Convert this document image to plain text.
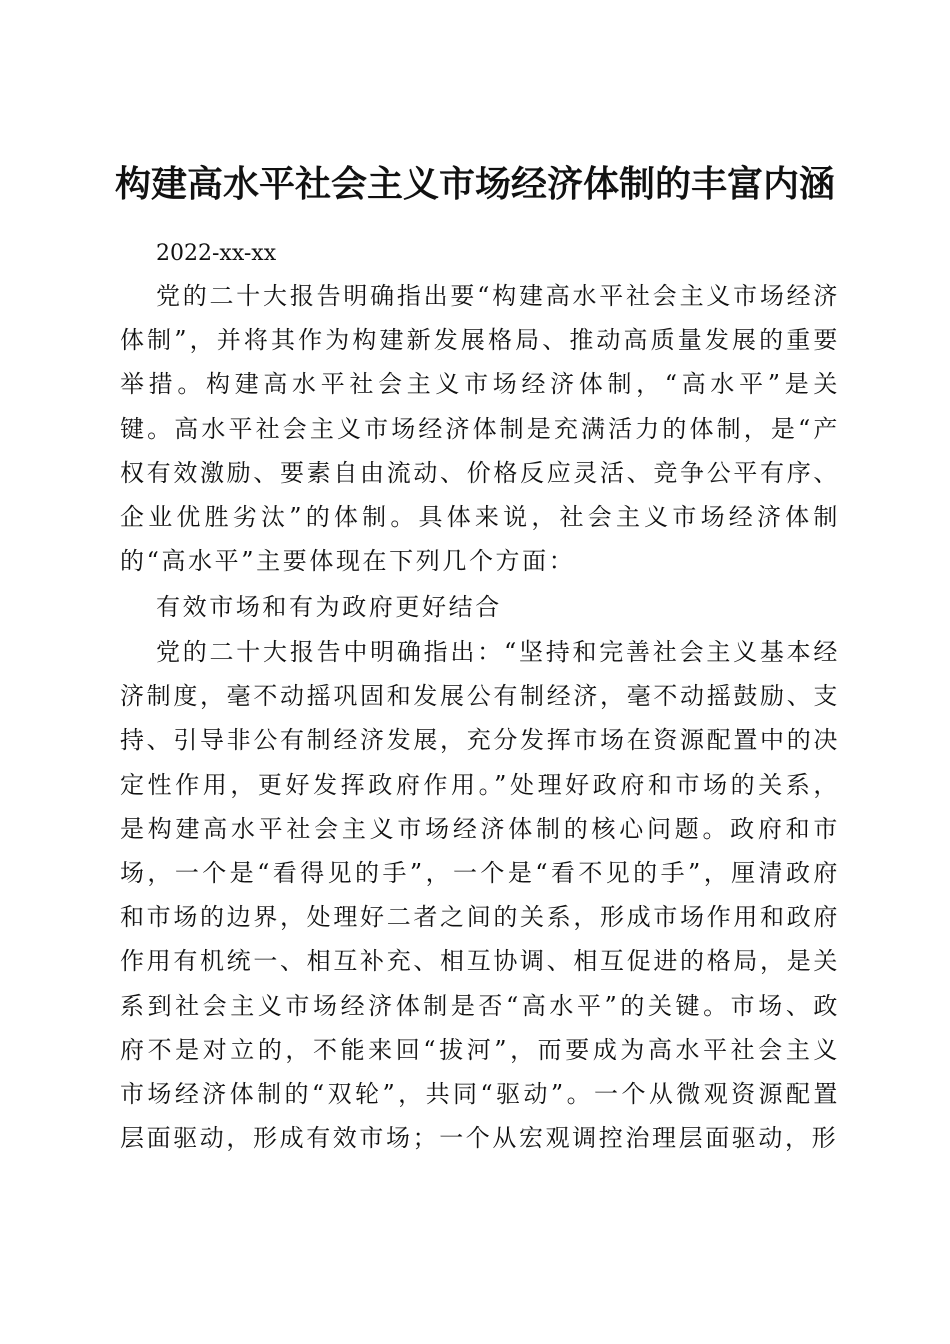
构建高水平社会主义市场经济体制的丰富内涵
2022-xx-xx

党的二十大报告明确指出要“构建高水平社会主义市场经济体制”，并将其作为构建新发展格局、推动高质量发展的重要举措。构建高水平社会主义市场经济体制，“高水平”是关键。高水平社会主义市场经济体制是充满活力的体制，是“产权有效激励、要素自由流动、价格反应灵活、竞争公平有序、企业优胜劣汰”的体制。具体来说，社会主义市场经济体制的“高水平”主要体现在下列几个方面：

有效市场和有为政府更好结合

党的二十大报告中明确指出：“坚持和完善社会主义基本经济制度，毫不动摇巩固和发展公有制经济，毫不动摇鼓励、支持、引导非公有制经济发展，充分发挥市场在资源配置中的决定性作用，更好发挥政府作用。”处理好政府和市场的关系，是构建高水平社会主义市场经济体制的核心问题。政府和市场，一个是“看得见的手”，一个是“看不见的手”，厘清政府和市场的边界，处理好二者之间的关系，形成市场作用和政府作用有机统一、相互补充、相互协调、相互促进的格局，是关系到社会主义市场经济体制是否“高水平”的关键。市场、政府不是对立的，不能来回“拔河”，而要成为高水平社会主义市场经济体制的“双轮”，共同“驱动”。一个从微观资源配置层面驱动，形成有效市场；一个从宏观调控治理层面驱动，形
